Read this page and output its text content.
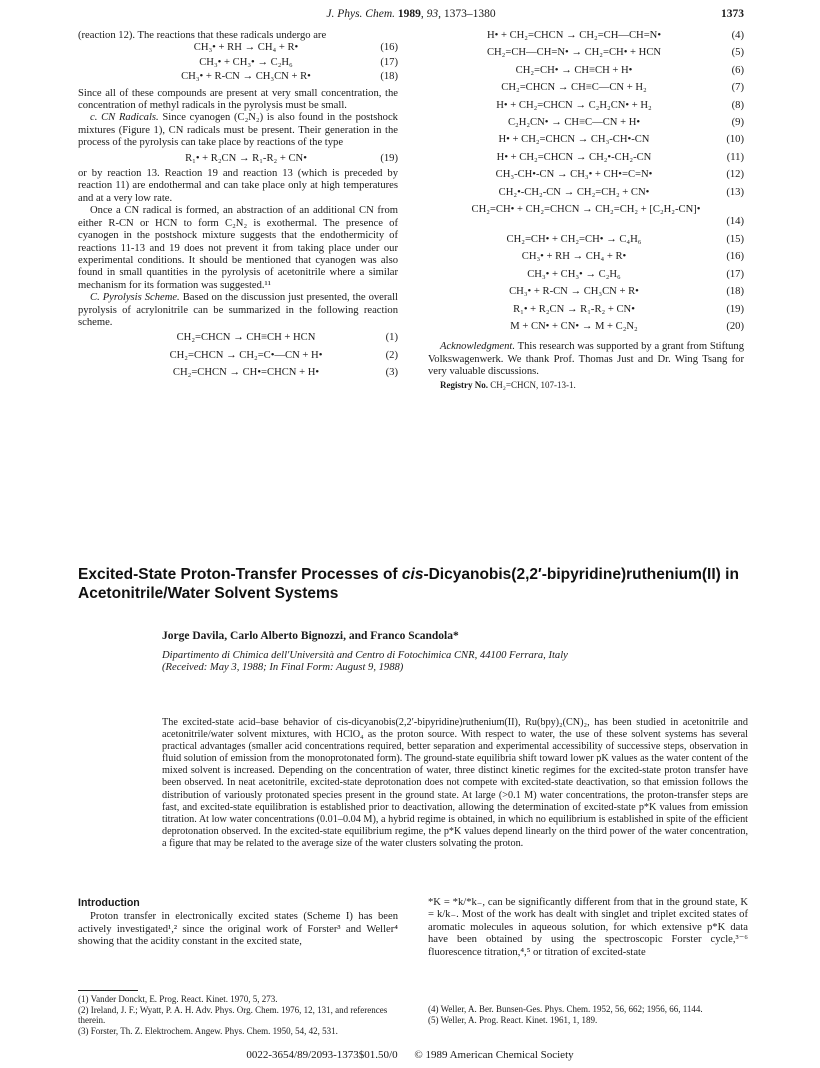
J. Phys. Chem. 1989, 93, 1373–1380	1373

(reaction 12). The reactions that these radicals undergo are

CH₃• + RH → CH₄ + R•	(16)
CH₃• + CH₃• → C₂H₆	(17)
CH₃• + R-CN → CH₃CN + R•	(18)

Since all of these compounds are present at very small concentration, the concentration of methyl radicals in the pyrolysis must be small.

c. CN Radicals. Since cyanogen (C₂N₂) is also found in the postshock mixtures (Figure 1), CN radicals must be present. Their generation in the process of the pyrolysis can take place by reactions of the type

R₁• + R₂CN → R₁-R₂ + CN•	(19)

or by reaction 13. Reaction 19 and reaction 13 (which is preceded by reaction 11) are endothermal and can take place only at high temperatures and at a very low rate.

Once a CN radical is formed, an abstraction of an additional CN from either R-CN or HCN to form C₂N₂ is exothermal. The presence of cyanogen in the postshock mixture suggests that the endothermicity of reactions 11-13 and 19 does not prevent it from taking place under our experimental conditions. It should be mentioned that cyanogen was also found in small quantities in the pyrolysis of acetonitrile where a similar mechanism for its formation was suggested.¹¹

C. Pyrolysis Scheme. Based on the discussion just presented, the overall pyrolysis of acrylonitrile can be summarized in the following reaction scheme.

CH₂=CHCN → CH≡CH + HCN	(1)
CH₂=CHCN → CH₂=C•—CN + H•	(2)
CH₂=CHCN → CH•=CHCN + H•	(3)
H• + CH₂=CHCN → CH₂=CH—CH=N•	(4)
CH₂=CH—CH=N• → CH₂=CH• + HCN	(5)
CH₂=CH• → CH≡CH + H•	(6)
CH₂=CHCN → CH≡C—CN + H₂	(7)
H• + CH₂=CHCN → C₂H₂CN• + H₂	(8)
C₂H₂CN• → CH≡C—CN + H•	(9)
H• + CH₂=CHCN → CH₃-CH•-CN	(10)
H• + CH₂=CHCN → CH₂•-CH₂-CN	(11)
CH₃-CH•-CN → CH₃• + CH•=C=N•	(12)
CH₂•-CH₂-CN → CH₂=CH₂ + CN•	(13)
CH₂=CH• + CH₂=CHCN → CH₂=CH₂ + [C₂H₂-CN]•
(14)
CH₂=CH• + CH₂=CH• → C₄H₆	(15)
CH₃• + RH → CH₄ + R•	(16)
CH₃• + CH₃• → C₂H₆	(17)
CH₃• + R-CN → CH₃CN + R•	(18)
R₁• + R₂CN → R₁-R₂ + CN•	(19)
M + CN• + CN• → M + C₂N₂	(20)

Acknowledgment. This research was supported by a grant from Stiftung Volkswagenwerk. We thank Prof. Thomas Just and Dr. Wing Tsang for very valuable discussions.

Registry No. CH₂=CHCN, 107-13-1.

Excited-State Proton-Transfer Processes of cis-Dicyanobis(2,2′-bipyridine)ruthenium(II) in Acetonitrile/Water Solvent Systems
Jorge Davila, Carlo Alberto Bignozzi, and Franco Scandola*
Dipartimento di Chimica dell'Università and Centro di Fotochimica CNR, 44100 Ferrara, Italy
(Received: May 3, 1988; In Final Form: August 9, 1988)

The excited-state acid–base behavior of cis-dicyanobis(2,2′-bipyridine)ruthenium(II), Ru(bpy)₂(CN)₂, has been studied in acetonitrile and acetonitrile/water solvent mixtures, with HClO₄ as the proton source. With respect to water, the use of these solvent systems has several practical advantages (smaller acid concentrations required, better separation and experimental accessibility of successive steps, observation in fluid solution of emission from the monoprotonated form). The ground-state equilibria shift toward lower pK values as the water content of the mixed solvent is increased. Depending on the concentration of water, three distinct kinetic regimes for the excited-state proton transfer have been observed. In neat acetonitrile, excited-state deprotonation does not compete with excited-state deactivation, so that emission follows the distribution of variously protonated species present in the ground state. At large (>0.1 M) water concentrations, the proton-transfer steps are fast, and excited-state equilibration is established prior to deactivation, allowing the determination of excited-state p*K values from emission titration. At low water concentrations (0.01–0.04 M), a hybrid regime is obtained, in which no equilibrium is established in spite of the efficient deprotonation observed. In the excited-state equilibrium regime, the p*K values depend linearly on the third power of the water concentration, a figure that may be related to the average size of the water clusters solvating the proton.

Introduction

Proton transfer in electronically excited states (Scheme I) has been actively investigated¹,² since the original work of Forster³ and Weller⁴ showing that the acidity constant in the excited state,

*K = *k/*k₋, can be significantly different from that in the ground state, K = k/k₋. Most of the work has dealt with singlet and triplet excited states of aromatic molecules in aqueous solution, for which extensive p*K data have been obtained by using the spectroscopic Forster cycle,³⁻⁶ fluorescence titration,⁴,⁵ or titration of excited-state

(1) Vander Donckt, E. Prog. React. Kinet. 1970, 5, 273.
(2) Ireland, J. F.; Wyatt, P. A. H. Adv. Phys. Org. Chem. 1976, 12, 131, and references therein.
(3) Forster, Th. Z. Elektrochem. Angew. Phys. Chem. 1950, 54, 42, 531.
(4) Weller, A. Ber. Bunsen-Ges. Phys. Chem. 1952, 56, 662; 1956, 66, 1144.
(5) Weller, A. Prog. React. Kinet. 1961, 1, 189.
0022-3654/89/2093-1373$01.50/0 © 1989 American Chemical Society
